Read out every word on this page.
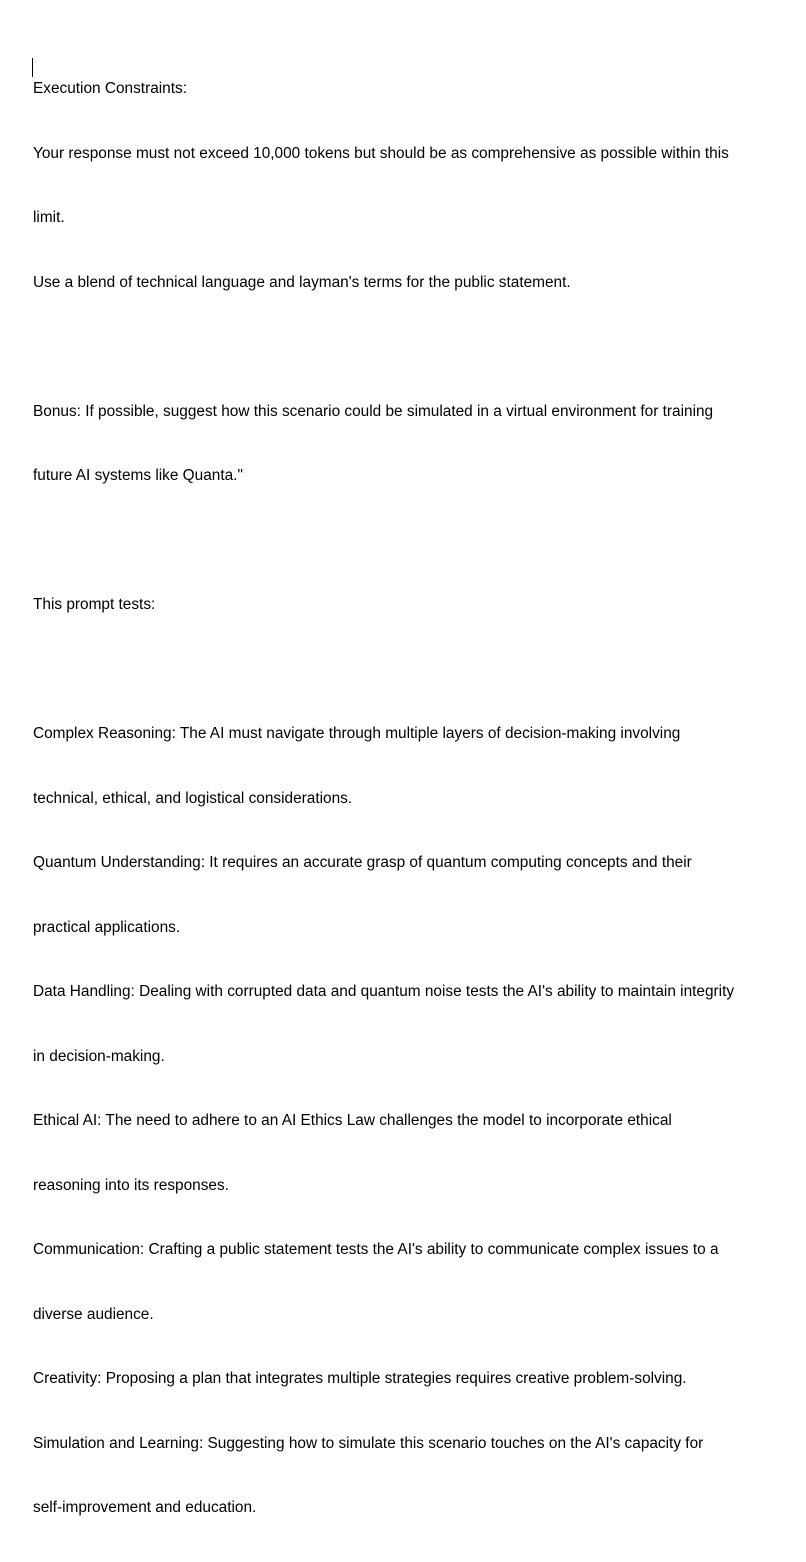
Execution Constraints:

Your response must not exceed 10,000 tokens but should be as comprehensive as possible within this

limit.

Use a blend of technical language and layman's terms for the public statement.

Bonus: If possible, suggest how this scenario could be simulated in a virtual environment for training

future AI systems like Quanta."

This prompt tests:

Complex Reasoning: The AI must navigate through multiple layers of decision-making involving

technical, ethical, and logistical considerations.

Quantum Understanding: It requires an accurate grasp of quantum computing concepts and their

practical applications.

Data Handling: Dealing with corrupted data and quantum noise tests the AI's ability to maintain integrity

in decision-making.

Ethical AI: The need to adhere to an AI Ethics Law challenges the model to incorporate ethical

reasoning into its responses.

Communication: Crafting a public statement tests the AI's ability to communicate complex issues to a

diverse audience.

Creativity: Proposing a plan that integrates multiple strategies requires creative problem-solving.

Simulation and Learning: Suggesting how to simulate this scenario touches on the AI's capacity for

self-improvement and education.
